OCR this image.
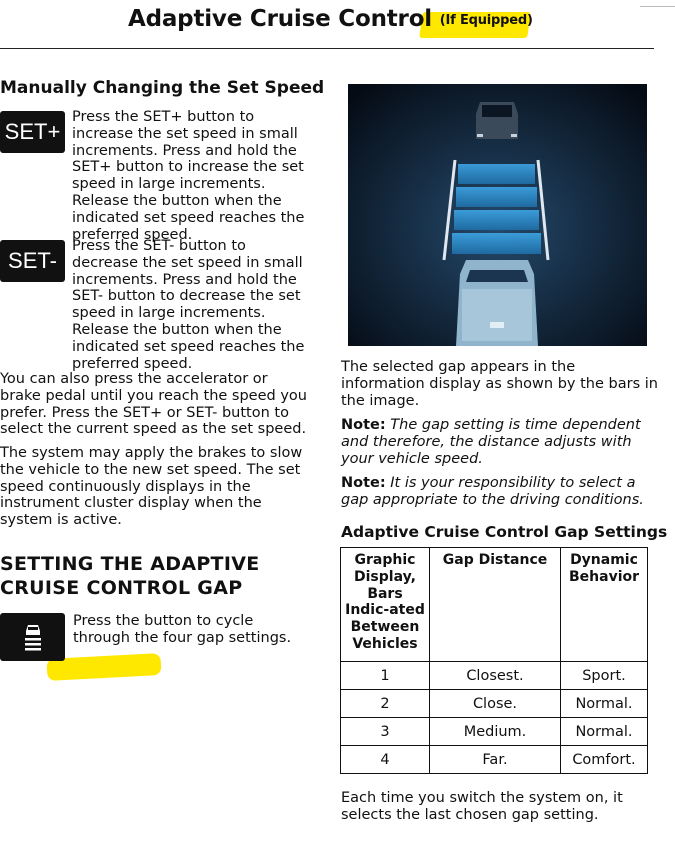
Adaptive Cruise Control (If Equipped)
Manually Changing the Set Speed
SET+
Press the SET+ button to increase the set speed in small increments. Press and hold the SET+ button to increase the set speed in large increments. Release the button when the indicated set speed reaches the preferred speed.
SET-
Press the SET- button to decrease the set speed in small increments. Press and hold the SET- button to decrease the set speed in large increments. Release the button when the indicated set speed reaches the preferred speed.
You can also press the accelerator or brake pedal until you reach the speed you prefer. Press the SET+ or SET- button to select the current speed as the set speed.
The system may apply the brakes to slow the vehicle to the new set speed. The set speed continuously displays in the instrument cluster display when the system is active.
SETTING THE ADAPTIVE CRUISE CONTROL GAP
Press the button to cycle through the four gap settings.
The selected gap appears in the information display as shown by the bars in the image.
Note: The gap setting is time dependent and therefore, the distance adjusts with your vehicle speed.
Note: It is your responsibility to select a gap appropriate to the driving conditions.
Adaptive Cruise Control Gap Settings
Graphic Display, Bars Indic-ated Between Vehicles	Gap Distance	Dynamic Behavior
1	Closest.	Sport.
2	Close.	Normal.
3	Medium.	Normal.
4	Far.	Comfort.
Each time you switch the system on, it selects the last chosen gap setting.
